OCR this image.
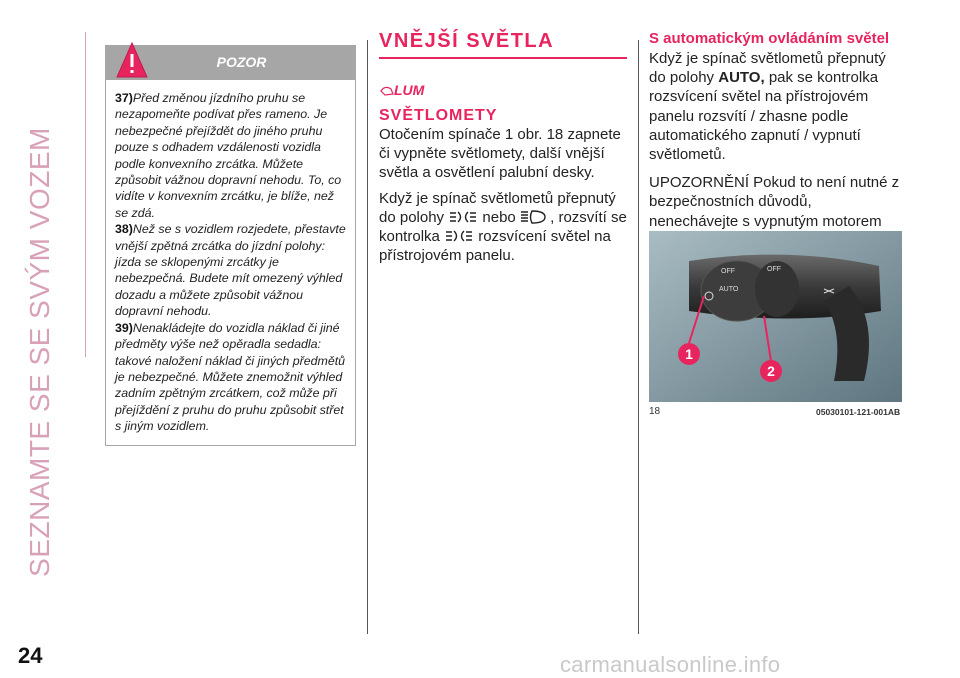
SEZNAMTE SE SE SVÝM VOZEM
POZOR

37)Před změnou jízdního pruhu se nezapomeňte podívat přes rameno. Je nebezpečné přejíždět do jiného pruhu pouze s odhadem vzdálenosti vozidla podle konvexního zrcátka. Můžete způsobit vážnou dopravní nehodu. To, co vidíte v konvexním zrcátku, je blíže, než se zdá.

38)Než se s vozidlem rozjedete, přestavte vnější zpětná zrcátka do jízdní polohy: jízda se sklopenými zrcátky je nebezpečná. Budete mít omezený výhled dozadu a můžete způsobit vážnou dopravní nehodu.

39)Nenakládejte do vozidla náklad či jiné předměty výše než opěradla sedadla: takové naložení náklad či jiných předmětů je nebezpečné. Můžete znemožnit výhled zadním zpětným zrcátkem, což může při přejíždění z pruhu do pruhu způsobit střet s jiným vozidlem.

VNĚJŠÍ SVĚTLA
LUM
SVĚTLOMETY

Otočením spínače 1 obr. 18 zapnete či vypněte světlomety, další vnější světla a osvětlení palubní desky.

Když je spínač světlometů přepnutý do polohy	nebo , rozsvítí se kontrolka	rozsvícení světel na přístrojovém panelu.

S automatickým ovládáním světel

Když je spínač světlometů přepnutý do polohy AUTO, pak se kontrolka rozsvícení světel na přístrojovém panelu rozsvítí / zhasne podle automatického zapnutí / vypnutí světlometů.

UPOZORNĚNÍ Pokud to není nutné z bezpečnostních důvodů, nenechávejte s vypnutým motorem

OFF	OFF
AUTO
1
2
18	05030101-121-001AB
24	carmanualsonline.info
